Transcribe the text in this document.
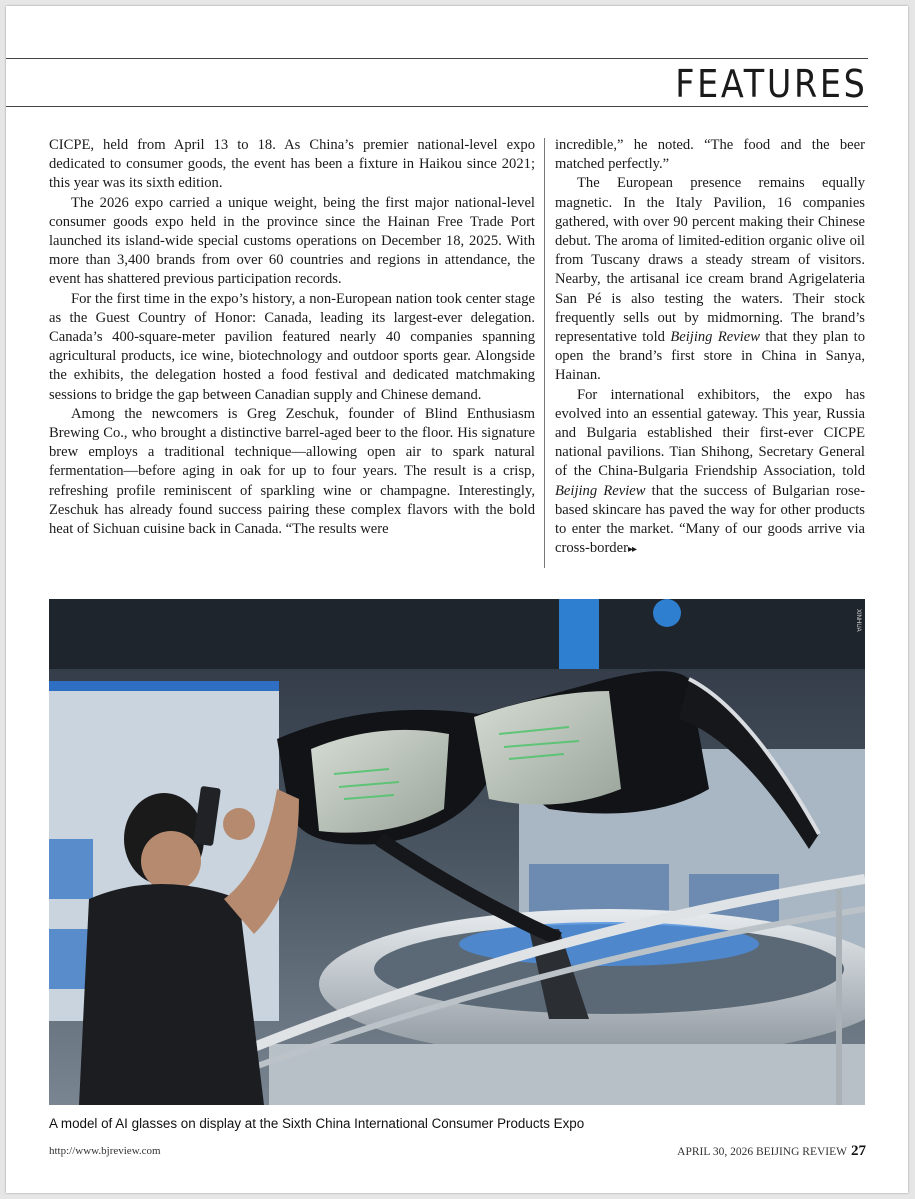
FEATURES

CICPE, held from April 13 to 18. As China’s premier national-level expo dedicated to consumer goods, the event has been a fixture in Haikou since 2021; this year was its sixth edition.

The 2026 expo carried a unique weight, being the first major national-level consumer goods expo held in the province since the Hainan Free Trade Port launched its island-wide special customs operations on December 18, 2025. With more than 3,400 brands from over 60 countries and regions in attendance, the event has shattered previous participation records.

For the first time in the expo’s history, a non-European nation took center stage as the Guest Country of Honor: Canada, leading its largest-ever delegation. Canada’s 400-square-meter pavilion featured nearly 40 companies spanning agricultural products, ice wine, biotechnology and outdoor sports gear. Alongside the exhibits, the delegation hosted a food festival and dedicated matchmaking sessions to bridge the gap between Canadian supply and Chinese demand.

Among the newcomers is Greg Zeschuk, founder of Blind Enthusiasm Brewing Co., who brought a distinctive barrel-aged beer to the floor. His signature brew employs a traditional technique—allowing open air to spark natural fermentation—before aging in oak for up to four years. The result is a crisp, refreshing profile reminiscent of sparkling wine or champagne. Interestingly, Zeschuk has already found success pairing these complex flavors with the bold heat of Sichuan cuisine back in Canada. “The results were

incredible,” he noted. “The food and the beer matched perfectly.”

The European presence remains equally magnetic. In the Italy Pavilion, 16 companies gathered, with over 90 percent making their Chinese debut. The aroma of limited-edition organic olive oil from Tuscany draws a steady stream of visitors. Nearby, the artisanal ice cream brand Agrigelateria San Pé is also testing the waters. Their stock frequently sells out by midmorning. The brand’s representative told Beijing Review that they plan to open the brand’s first store in China in Sanya, Hainan.

For international exhibitors, the expo has evolved into an essential gateway. This year, Russia and Bulgaria established their first-ever CICPE national pavilions. Tian Shihong, Secretary General of the China-Bulgaria Friendship Association, told Beijing Review that the success of Bulgarian rose-based skincare has paved the way for other products to enter the market. “Many of our goods arrive via cross-border▸▸

XINHUA
A model of AI glasses on display at the Sixth China International Consumer Products Expo
http://www.bjreview.com	APRIL 30, 2026 BEIJING REVIEW 27
